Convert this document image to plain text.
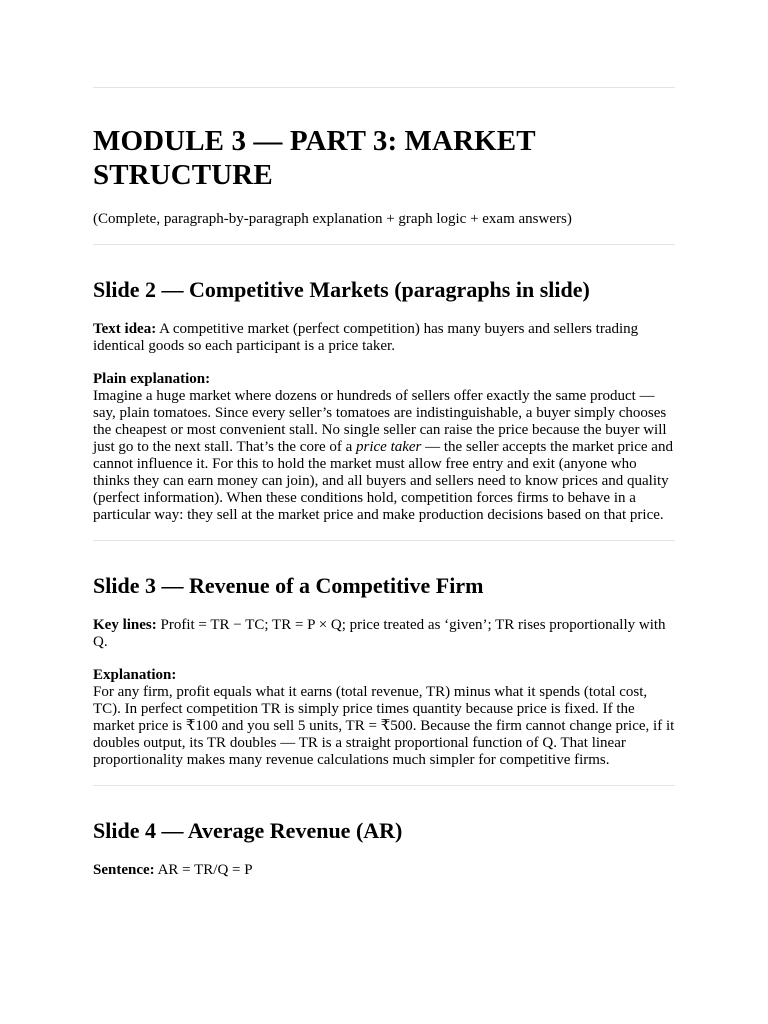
MODULE 3 — PART 3: MARKET STRUCTURE

(Complete, paragraph-by-paragraph explanation + graph logic + exam answers)

Slide 2 — Competitive Markets (paragraphs in slide)

Text idea: A competitive market (perfect competition) has many buyers and sellers trading identical goods so each participant is a price taker.

Plain explanation:

Imagine a huge market where dozens or hundreds of sellers offer exactly the same product — say, plain tomatoes. Since every seller’s tomatoes are indistinguishable, a buyer simply chooses the cheapest or most convenient stall. No single seller can raise the price because the buyer will just go to the next stall. That’s the core of a price taker — the seller accepts the market price and cannot influence it. For this to hold the market must allow free entry and exit (anyone who thinks they can earn money can join), and all buyers and sellers need to know prices and quality (perfect information). When these conditions hold, competition forces firms to behave in a particular way: they sell at the market price and make production decisions based on that price.

Slide 3 — Revenue of a Competitive Firm

Key lines: Profit = TR − TC; TR = P × Q; price treated as ‘given’; TR rises proportionally with Q.

Explanation:

For any firm, profit equals what it earns (total revenue, TR) minus what it spends (total cost, TC). In perfect competition TR is simply price times quantity because price is fixed. If the market price is ₹100 and you sell 5 units, TR = ₹500. Because the firm cannot change price, if it doubles output, its TR doubles — TR is a straight proportional function of Q. That linear proportionality makes many revenue calculations much simpler for competitive firms.

Slide 4 — Average Revenue (AR)

Sentence: AR = TR/Q = P
